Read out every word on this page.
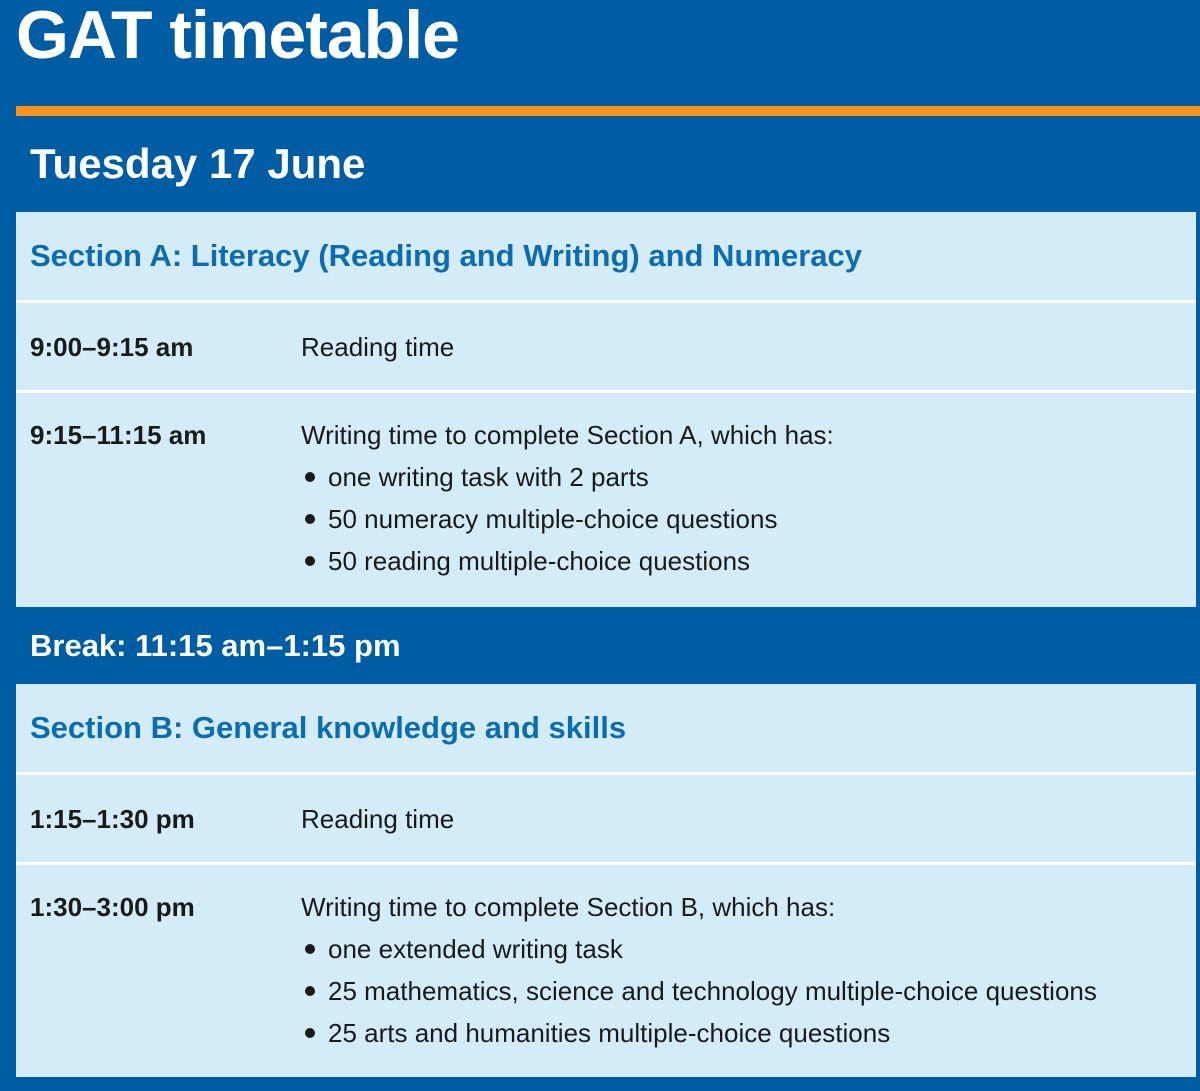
GAT timetable
Tuesday 17 June
Section A: Literacy (Reading and Writing) and Numeracy
9:00–9:15 am	Reading time
9:15–11:15 am	Writing time to complete Section A, which has:
one writing task with 2 parts
50 numeracy multiple-choice questions
50 reading multiple-choice questions
Break: 11:15 am–1:15 pm
Section B: General knowledge and skills
1:15–1:30 pm	Reading time
1:30–3:00 pm	Writing time to complete Section B, which has:
one extended writing task
25 mathematics, science and technology multiple-choice questions
25 arts and humanities multiple-choice questions
